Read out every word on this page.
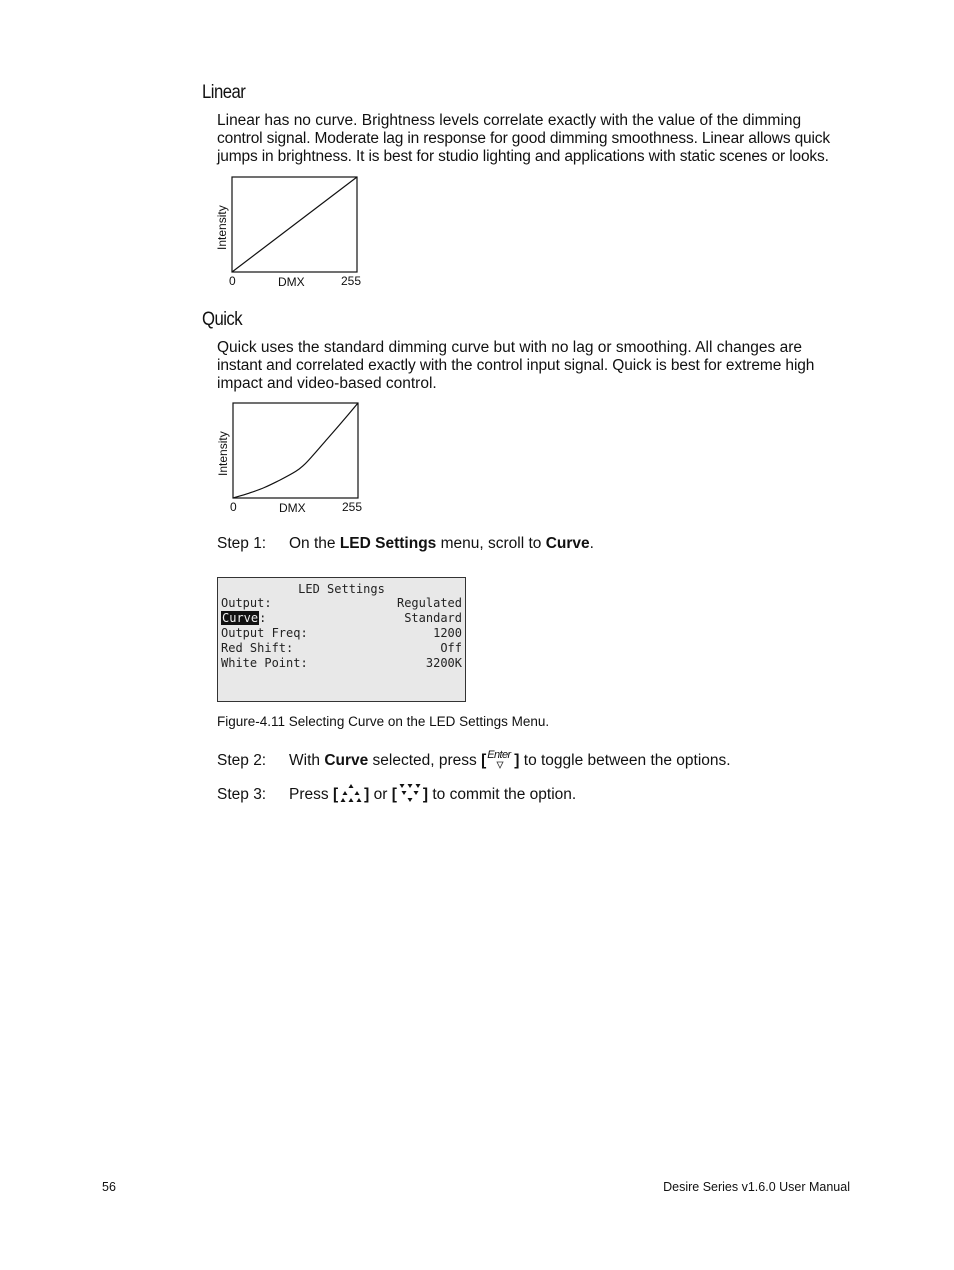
Linear

Linear has no curve. Brightness levels correlate exactly with the value of the dimming

control signal. Moderate lag in response for good dimming smoothness. Linear allows quick

jumps in brightness. It is best for studio lighting and applications with static scenes or looks.

Intensity
DMX
0	255
Quick

Quick uses the standard dimming curve but with no lag or smoothing. All changes are

instant and correlated exactly with the control input signal. Quick is best for extreme high

impact and video-based control.

Intensity
DMX
0	255
Step 1: On the LED Settings menu, scroll to Curve.
LED Settings
Output:	Regulated
Curve:	Standard
Output Freq:	1200
Red Shift:	Off
White Point:	3200K
Figure-4.11 Selecting Curve on the LED Settings Menu.
Step 2: With Curve selected, press [ Enter ] to toggle between the options.
Step 3: Press [ ] or [ ] to commit the option.
56	Desire Series v1.6.0 User Manual
